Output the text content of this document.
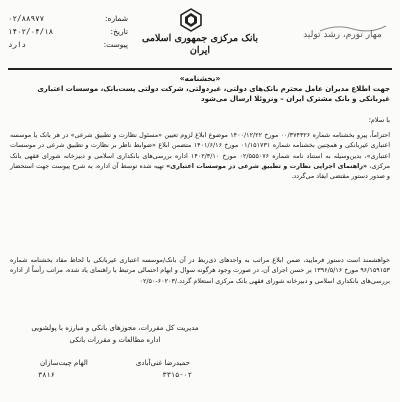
۰۲/۸۸۹۷۷	شماره:
۱۴۰۲/۰۴/۱۸	تاریخ:
دارد	پیوست:
بانک مرکزی جمهوری اسلامی ایران
مهار تورم، رشد تولید
«بخشنامه»
جهت اطلاع مدیران عامل محترم بانک‌های دولتی، غیردولتی، شرکت دولتی پست‌بانک، موسسات اعتباری غیربانکی و بانک مشترک ایران – ونزوئلا ارسال می‌شود
با سلام؛
احتراماً، پیرو بخشنامه شماره ۰۰/۳۷۴۳۲۶ مورخ ۱۴۰۰/۱۲/۲۲ موضوع ابلاغ لزوم تعیین «مسئول نظارت و تطبیق شرعی» در هر بانک یا موسسه اعتباری غیربانکی و همچنین بخشنامه شماره ۰۱/۱۵۱۷۳۱ مورخ ۱۴۰۱/۶/۱۶ متضمن ابلاغ «ضوابط ناظر بر نظارت و تطبیق شرعی در موسسات اعتباری»، بدین‌وسیله به استناد نامه شماره ۰۲/۵۵۵۰۷۶ مورخ ۱۴۰۲/۳/۱۰ اداره بررسی‌های بانکداری اسلامی و دبیرخانه شورای فقهی بانک مرکزی، «راهنمای اجرایی نظارت و تطبیق شرعی در موسسات اعتباری» تهیه شده توسط آن اداره، به شرح پیوست جهت استحضار و صدور دستور مقتضی ایفاد می‌گردد.
خواهشمند است دستور فرمایید، ضمن ابلاغ مراتب به واحدهای ذی‌ربط در آن بانک/موسسه اعتباری غیربانکی با لحاظ مفاد بخشنامه شماره ۹۶/۱۵۹۱۵۳ مورخ ۱۳۹۶/۵/۱۶ بر حسن اجرای آن، در صورت وجود هرگونه سوال و ابهام احتمالی مرتبط با راهنمای یاد شده، مراتب رأساً از اداره بررسی‌های بانکداری اسلامی و دبیرخانه شورای فقهی بانک مرکزی استعلام گردد./۶۰۲۰۳-۰۲/۵۰
مدیریت کل مقررات، مجوزهای بانکی و مبارزه با پولشویی
اداره مطالعات و مقررات بانکی
حمیدرضا غنی‌آبادی
الهام چیت‌سازان
۳۸۱۶	۳۳۱۵-۰۲
